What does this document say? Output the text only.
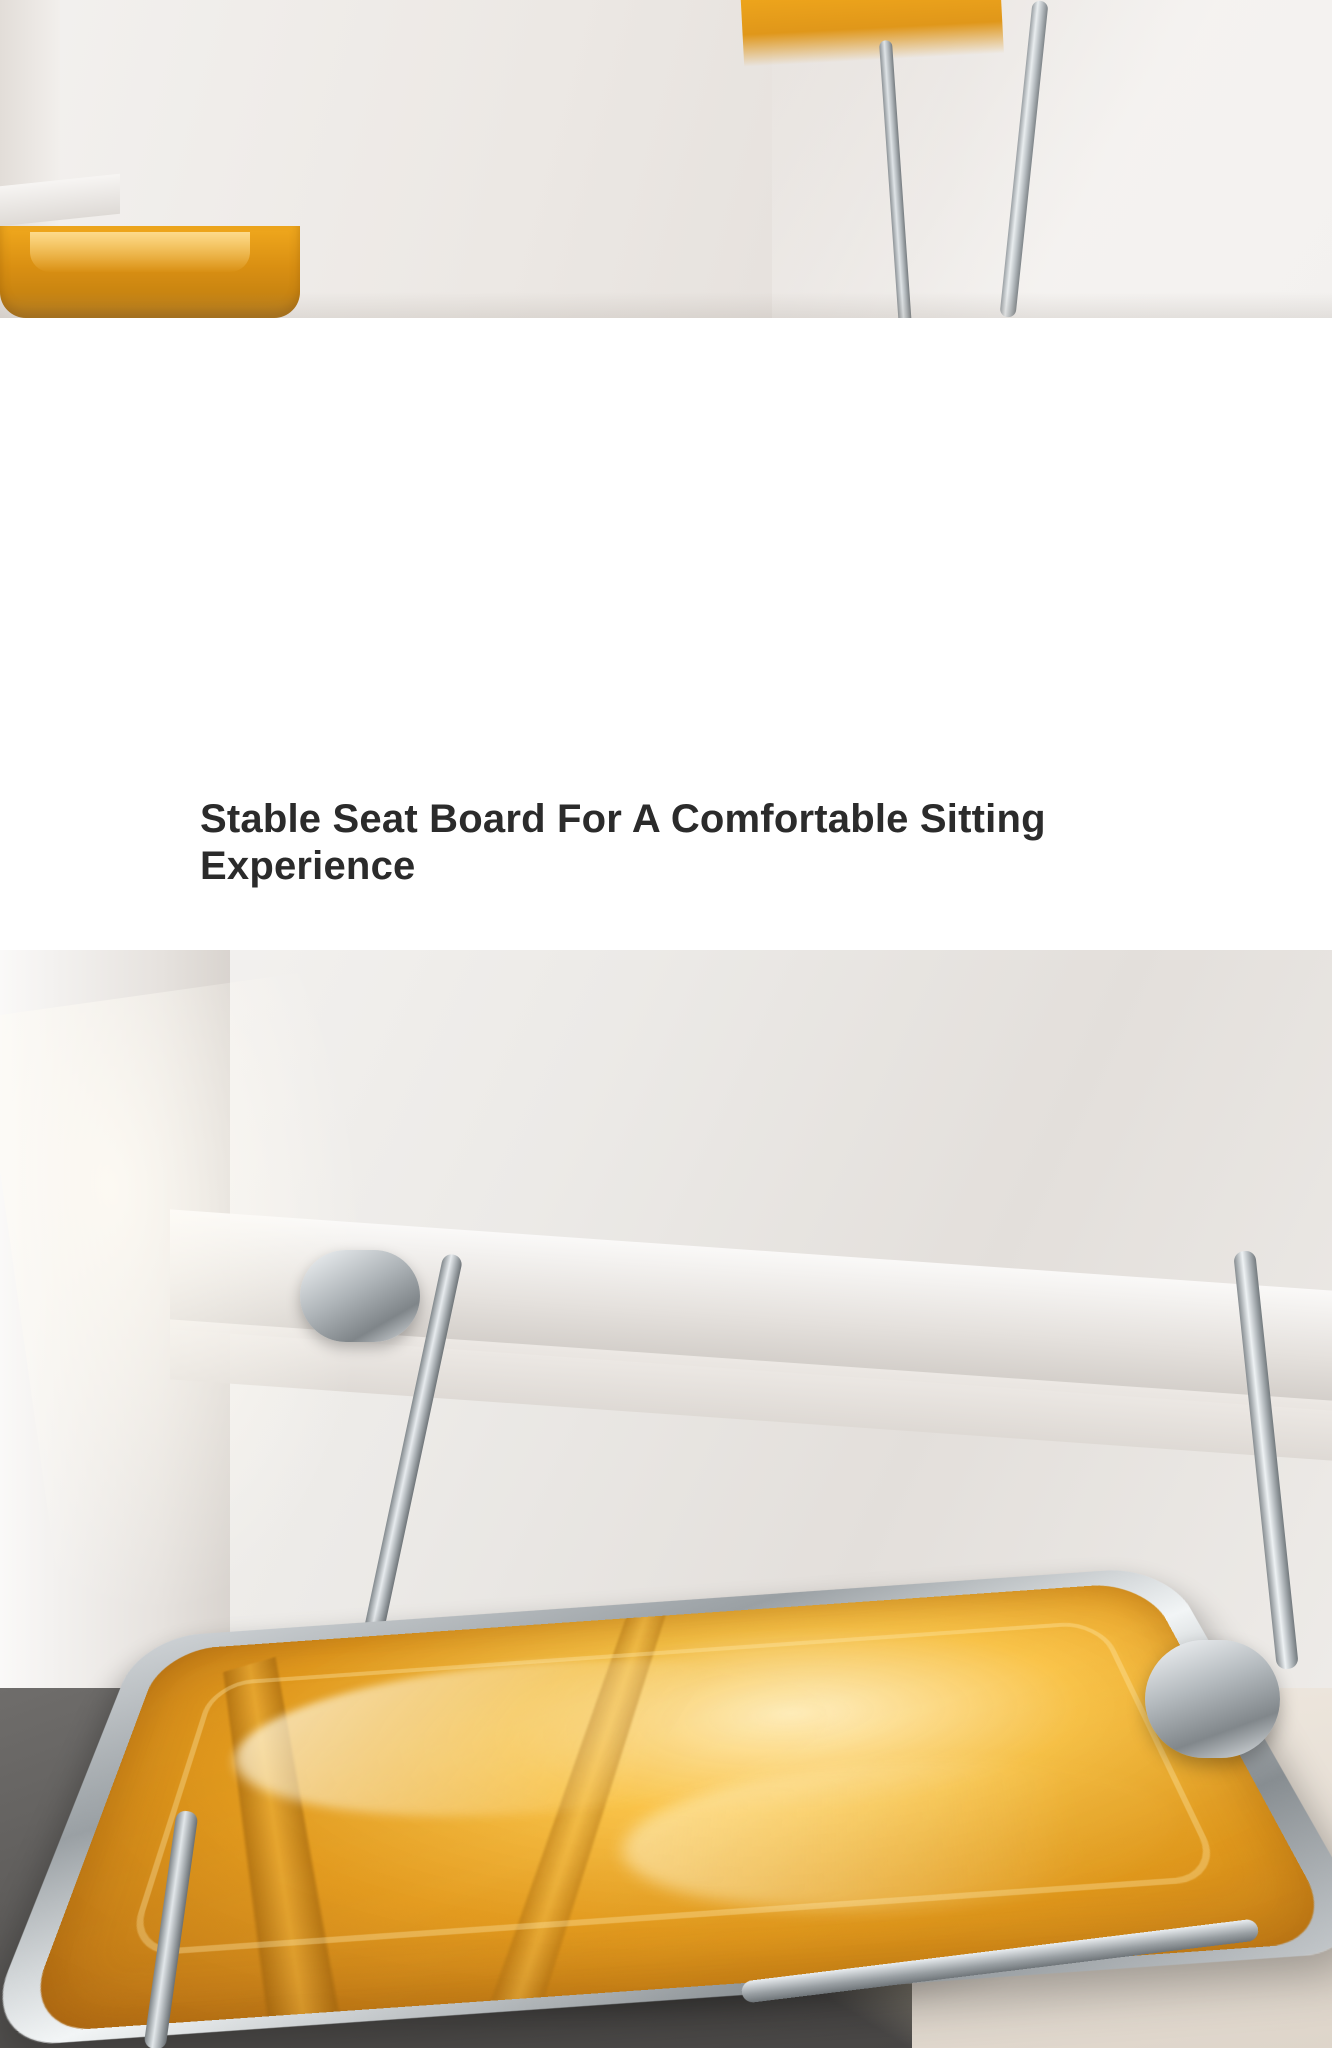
Stable Seat Board For A Comfortable Sitting Experience
